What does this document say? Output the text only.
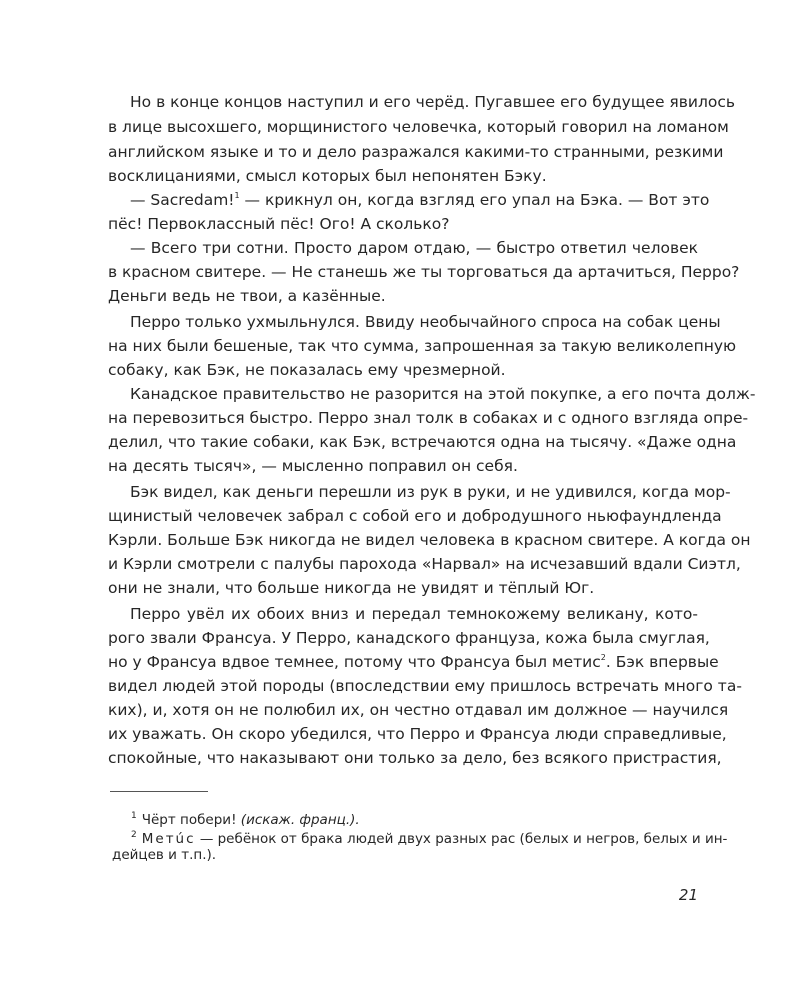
Но в конце концов наступил и его черёд. Пугавшее его будущее явилось
в лице высохшего, морщинистого человечка, который говорил на ломаном
английском языке и то и дело разражался какими-то странными, резкими
восклицаниями, смысл которых был непонятен Бэку.
— Sacredam!$^1$ — крикнул он, когда взгляд его упал на Бэка. — Вот это
пёс! Первоклассный пёс! Ого! А сколько?
— Всего три сотни. Просто даром отдаю, — быстро ответил человек
в красном свитере. — Не станешь же ты торговаться да артачиться, Перро?
Деньги ведь не твои, а казённые.
Перро только ухмыльнулся. Ввиду необычайного спроса на собак цены
на них были бешеные, так что сумма, запрошенная за такую великолепную
собаку, как Бэк, не показалась ему чрезмерной.
Канадское правительство не разорится на этой покупке, а его почта долж-
на перевозиться быстро. Перро знал толк в собаках и с одного взгляда опре-
делил, что такие собаки, как Бэк, встречаются одна на тысячу. «Даже одна
на десять тысяч», — мысленно поправил он себя.
Бэк видел, как деньги перешли из рук в руки, и не удивился, когда мор-
щинистый человечек забрал с собой его и добродушного ньюфаундленда
Кэрли. Больше Бэк никогда не видел человека в красном свитере. А когда он
и Кэрли смотрели с палубы парохода «Нарвал» на исчезавший вдали Сиэтл,
они не знали, что больше никогда не увидят и тёплый Юг.
Перро увёл их обоих вниз и передал темнокожему великану, кото-
рого звали Франсуа. У Перро, канадского француза, кожа была смуглая,
но у Франсуа вдвое темнее, потому что Франсуа был метис$^2$. Бэк впервые
видел людей этой породы (впоследствии ему пришлось встречать много та-
ких), и, хотя он не полюбил их, он честно отдавал им должное — научился
их уважать. Он скоро убедился, что Перро и Франсуа люди справедливые,
спокойные, что наказывают они только за дело, без всякого пристрастия,
$^1$ Чёрт побери! (искаж. франц.).
$^2$ Метúс — ребёнок от брака людей двух разных рас (белых и негров, белых и ин-
дейцев и т.п.).
21
